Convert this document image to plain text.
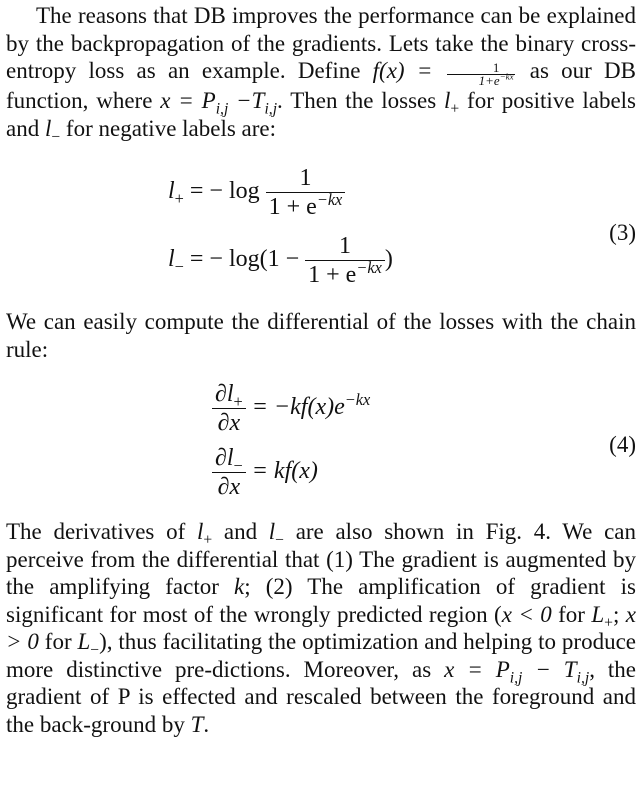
The reasons that DB improves the performance can be explained by the backpropagation of the gradients. Lets take the binary cross-entropy loss as an example. Define $f(x) = \frac{1}{1+e^{-kx}}$ as our DB function, where $x = P_{i,j} -T_{i,j}$. Then the losses $l_+$ for positive labels and $l_-$ for negative labels are:
$l_+$ = − $\log \frac{1}{1 + e^{-kx}}$
$l_-$ = − $\log(1 - \frac{1}{1 + e^{-kx}}$ )
(3)
We can easily compute the differential of the losses with the chain rule:
$\frac{\partial l_+}{\partial x} = -kf(x)e^{-kx}$
$\frac{\partial l_-}{\partial x} = kf(x)$
(4)
The derivatives of $l_+$ and $l_-$ are also shown in Fig. 4. We can perceive from the differential that (1) The gradient is augmented by the amplifying factor k; (2) The amplification of gradient is significant for most of the wrongly predicted region (x < 0 for $L_+$; x > 0 for $L_-$), thus facilitating the optimization and helping to produce more distinctive pre-dictions. Moreover, as $x = P_{i,j} - T_{i,j}$, the gradient of P is effected and rescaled between the foreground and the back-ground by T.
